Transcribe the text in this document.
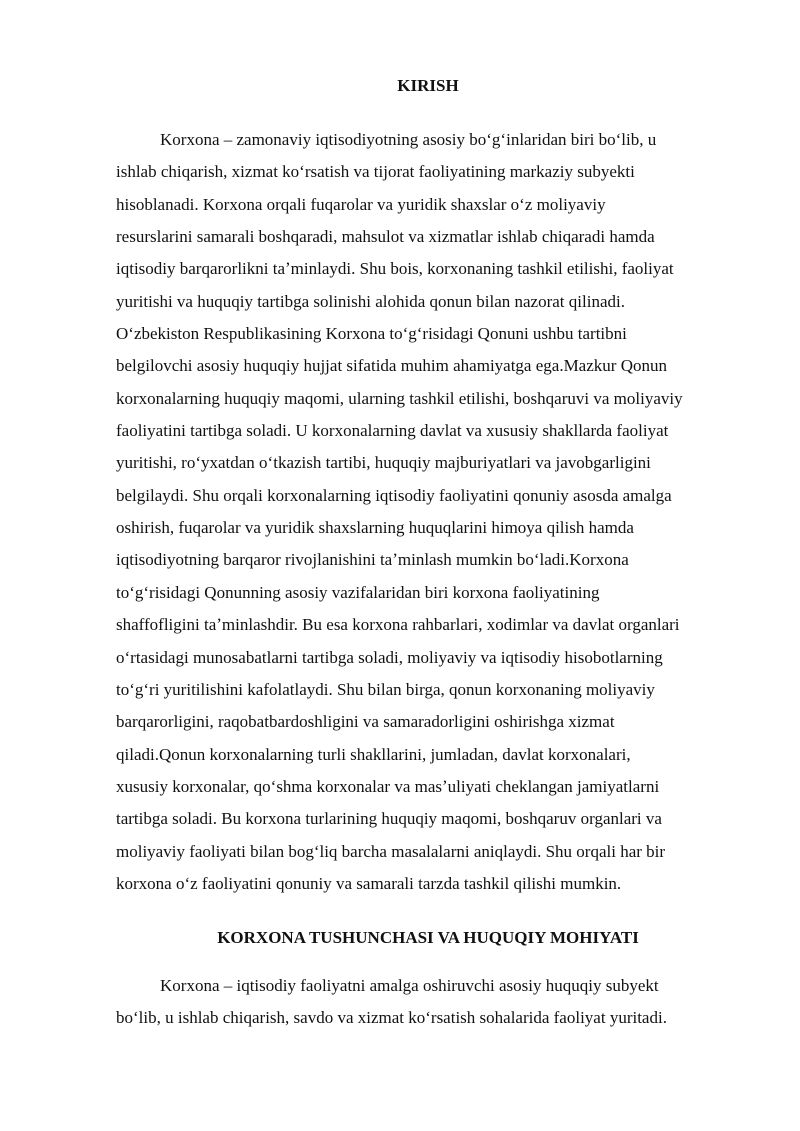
KIRISH
Korxona – zamonaviy iqtisodiyotning asosiy boʻgʻinlaridan biri boʻlib, u
ishlab chiqarish, xizmat koʻrsatish va tijorat faoliyatining markaziy subyekti
hisoblanadi. Korxona orqali fuqarolar va yuridik shaxslar oʻz moliyaviy
resurslarini samarali boshqaradi, mahsulot va xizmatlar ishlab chiqaradi hamda
iqtisodiy barqarorlikni taʼminlaydi. Shu bois, korxonaning tashkil etilishi, faoliyat
yuritishi va huquqiy tartibga solinishi alohida qonun bilan nazorat qilinadi.
Oʻzbekiston Respublikasining Korxona toʻgʻrisidagi Qonuni ushbu tartibni
belgilovchi asosiy huquqiy hujjat sifatida muhim ahamiyatga ega.Mazkur Qonun
korxonalarning huquqiy maqomi, ularning tashkil etilishi, boshqaruvi va moliyaviy
faoliyatini tartibga soladi. U korxonalarning davlat va xususiy shakllarda faoliyat
yuritishi, roʻyxatdan oʻtkazish tartibi, huquqiy majburiyatlari va javobgarligini
belgilaydi. Shu orqali korxonalarning iqtisodiy faoliyatini qonuniy asosda amalga
oshirish, fuqarolar va yuridik shaxslarning huquqlarini himoya qilish hamda
iqtisodiyotning barqaror rivojlanishini taʼminlash mumkin boʻladi.Korxona
toʻgʻrisidagi Qonunning asosiy vazifalaridan biri korxona faoliyatining
shaffofligini taʼminlashdir. Bu esa korxona rahbarlari, xodimlar va davlat organlari
oʻrtasidagi munosabatlarni tartibga soladi, moliyaviy va iqtisodiy hisobotlarning
toʻgʻri yuritilishini kafolatlaydi. Shu bilan birga, qonun korxonaning moliyaviy
barqarorligini, raqobatbardoshligini va samaradorligini oshirishga xizmat
qiladi.Qonun korxonalarning turli shakllarini, jumladan, davlat korxonalari,
xususiy korxonalar, qoʻshma korxonalar va masʼuliyati cheklangan jamiyatlarni
tartibga soladi. Bu korxona turlarining huquqiy maqomi, boshqaruv organlari va
moliyaviy faoliyati bilan bogʻliq barcha masalalarni aniqlaydi. Shu orqali har bir
korxona oʻz faoliyatini qonuniy va samarali tarzda tashkil qilishi mumkin.
KORXONA TUSHUNCHASI VA HUQUQIY MOHIYATI
Korxona – iqtisodiy faoliyatni amalga oshiruvchi asosiy huquqiy subyekt
boʻlib, u ishlab chiqarish, savdo va xizmat koʻrsatish sohalarida faoliyat yuritadi.
